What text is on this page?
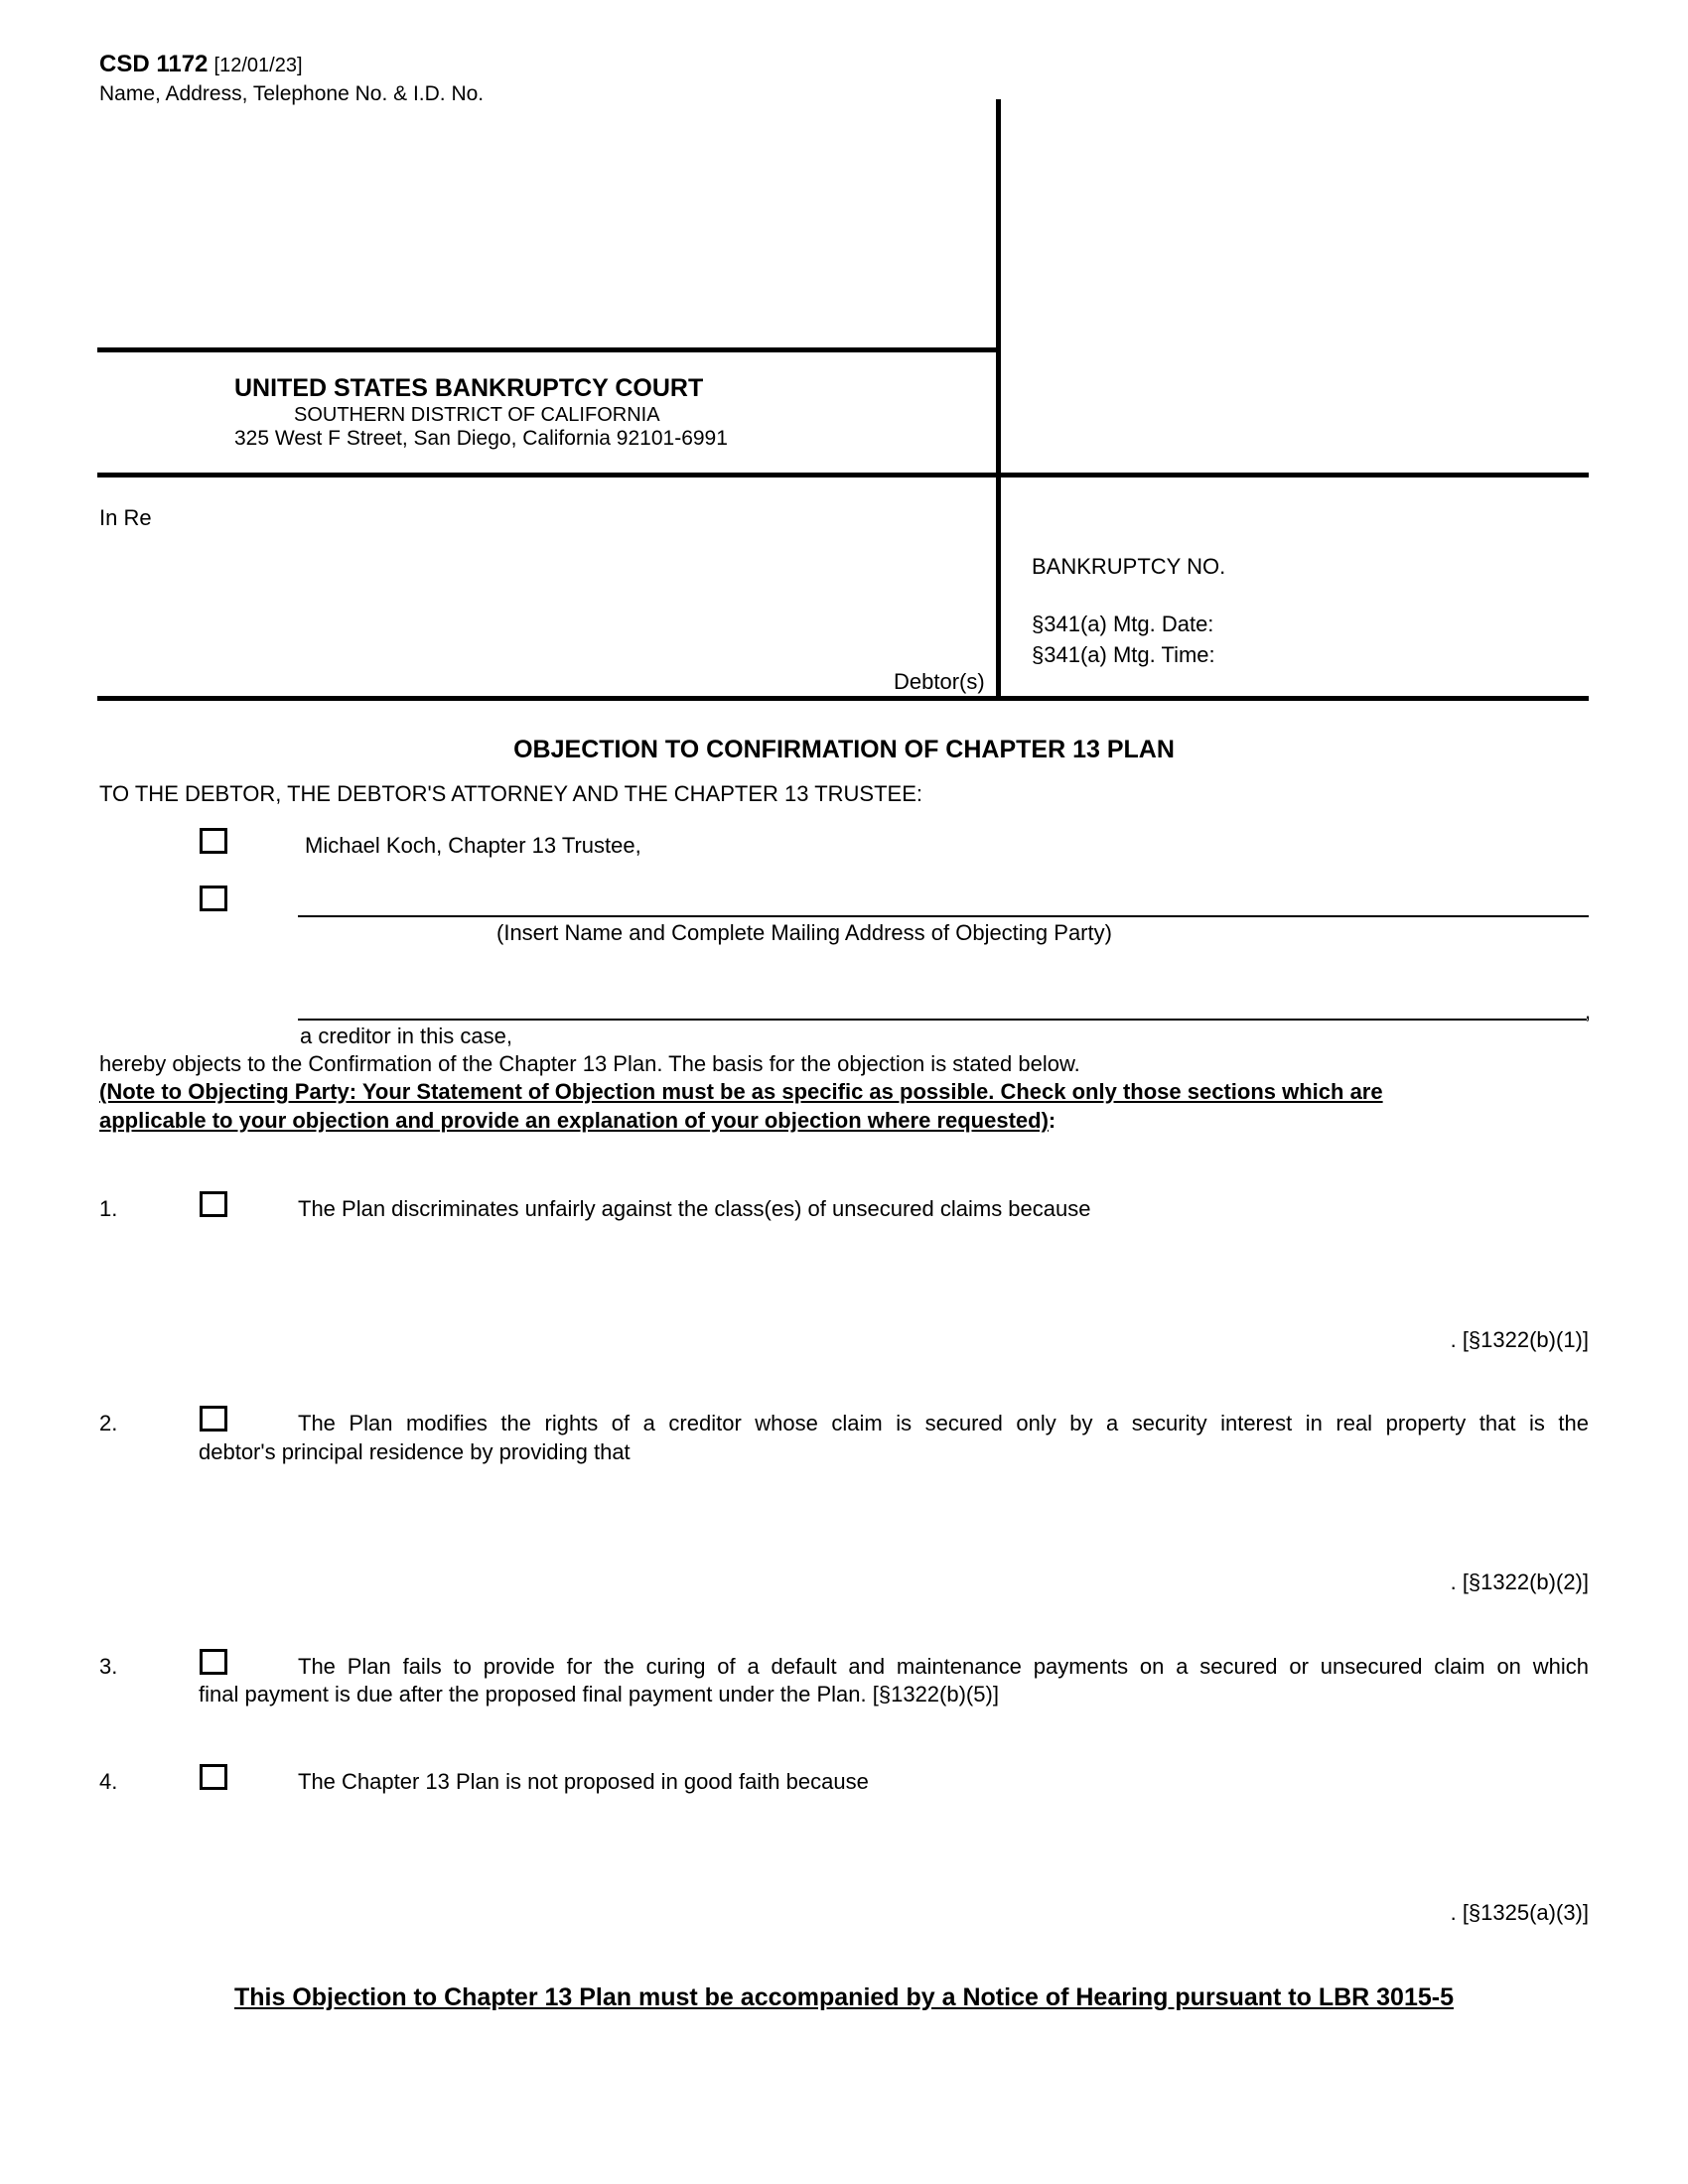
CSD 1172 [12/01/23]
Name, Address, Telephone No. & I.D. No.
UNITED STATES BANKRUPTCY COURT
SOUTHERN DISTRICT OF CALIFORNIA
325 West F Street, San Diego, California 92101-6991
In Re
Debtor(s)
BANKRUPTCY NO.
§341(a) Mtg. Date:
§341(a) Mtg. Time:
OBJECTION TO CONFIRMATION OF CHAPTER 13 PLAN
TO THE DEBTOR, THE DEBTOR'S ATTORNEY AND THE CHAPTER 13 TRUSTEE:
Michael Koch, Chapter 13 Trustee,
(Insert Name and Complete Mailing Address of Objecting Party)
,
a creditor in this case,
hereby objects to the Confirmation of the Chapter 13 Plan. The basis for the objection is stated below.
(Note to Objecting Party: Your Statement of Objection must be as specific as possible. Check only those sections which are
applicable to your objection and provide an explanation of your objection where requested):
1.	The Plan discriminates unfairly against the class(es) of unsecured claims because
. [§1322(b)(1)]
2.	The Plan modifies the rights of a creditor whose claim is secured only by a security interest in real property that is the
debtor's principal residence by providing that
. [§1322(b)(2)]
3.	The Plan fails to provide for the curing of a default and maintenance payments on a secured or unsecured claim on which
final payment is due after the proposed final payment under the Plan. [§1322(b)(5)]
4.	The Chapter 13 Plan is not proposed in good faith because
. [§1325(a)(3)]
This Objection to Chapter 13 Plan must be accompanied by a Notice of Hearing pursuant to LBR 3015-5
